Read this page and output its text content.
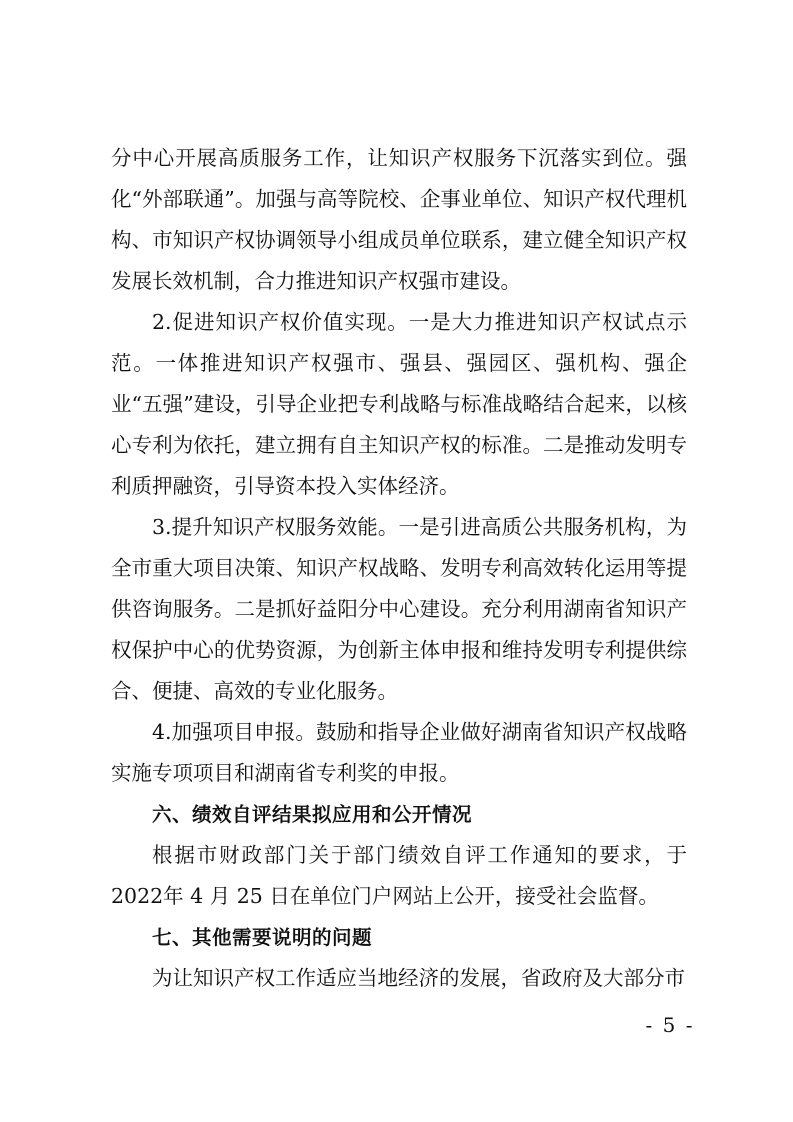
分中心开展高质服务工作，让知识产权服务下沉落实到位。强化“外部联通”。加强与高等院校、企事业单位、知识产权代理机构、市知识产权协调领导小组成员单位联系，建立健全知识产权发展长效机制，合力推进知识产权强市建设。

2.促进知识产权价值实现。一是大力推进知识产权试点示范。一体推进知识产权强市、强县、强园区、强机构、强企业“五强”建设，引导企业把专利战略与标准战略结合起来，以核心专利为依托，建立拥有自主知识产权的标准。二是推动发明专利质押融资，引导资本投入实体经济。

3.提升知识产权服务效能。一是引进高质公共服务机构，为全市重大项目决策、知识产权战略、发明专利高效转化运用等提供咨询服务。二是抓好益阳分中心建设。充分利用湖南省知识产权保护中心的优势资源，为创新主体申报和维持发明专利提供综合、便捷、高效的专业化服务。

4.加强项目申报。鼓励和指导企业做好湖南省知识产权战略实施专项项目和湖南省专利奖的申报。

六、绩效自评结果拟应用和公开情况

根据市财政部门关于部门绩效自评工作通知的要求，于2022年 4 月 25 日在单位门户网站上公开，接受社会监督。

七、其他需要说明的问题

为让知识产权工作适应当地经济的发展，省政府及大部分市

- 5 -
